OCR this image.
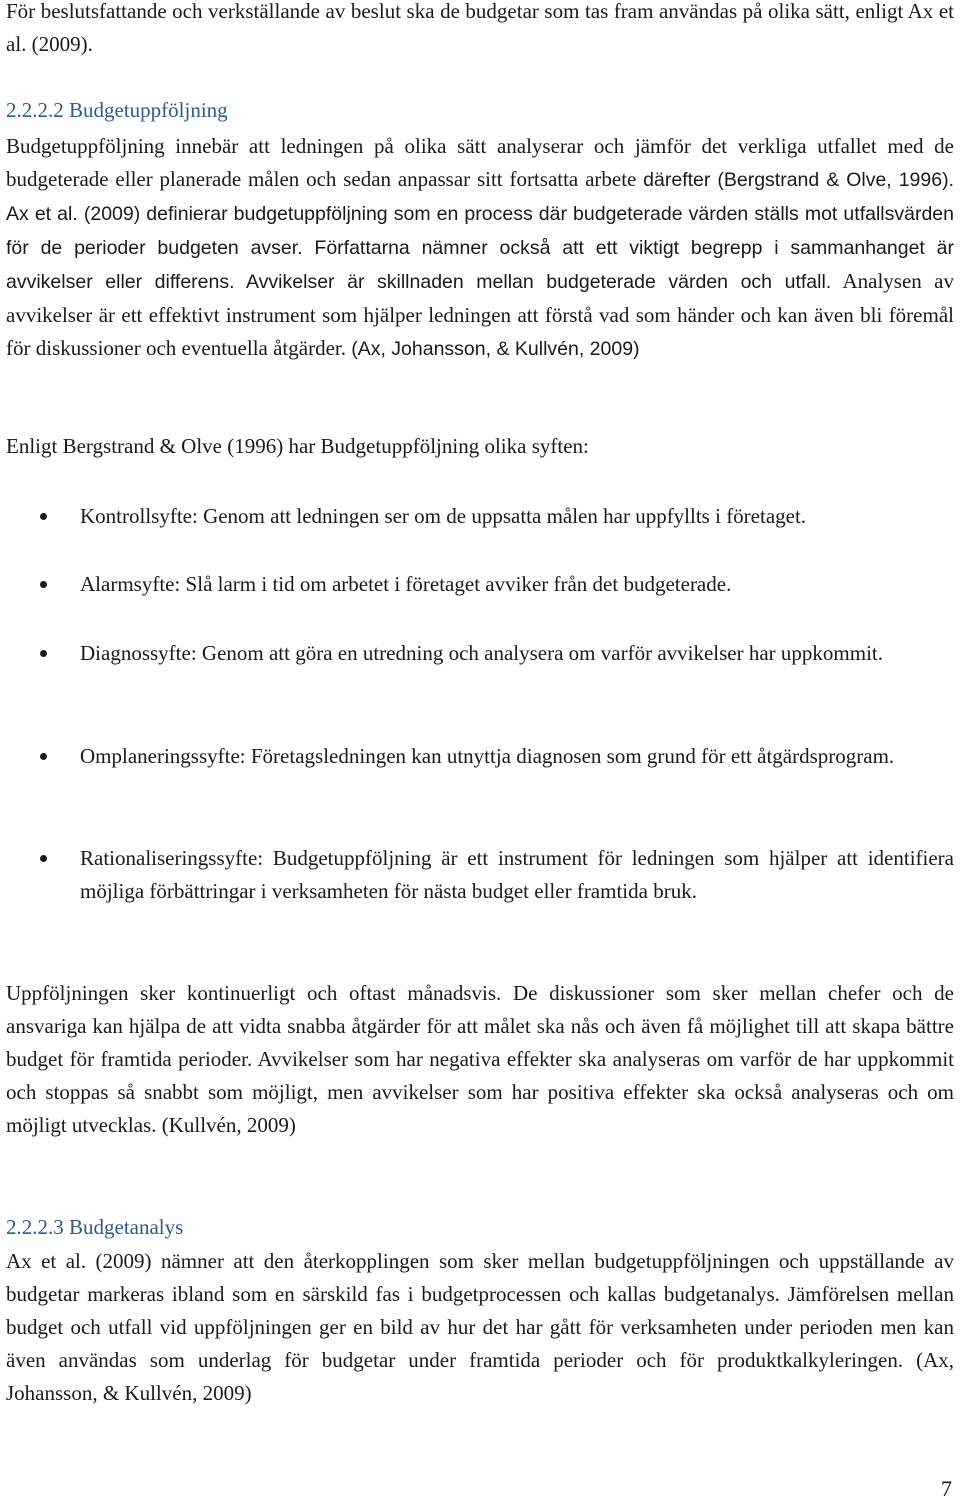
För beslutsfattande och verkställande av beslut ska de budgetar som tas fram användas på olika sätt, enligt Ax et al. (2009).
2.2.2.2 Budgetuppföljning
Budgetuppföljning innebär att ledningen på olika sätt analyserar och jämför det verkliga utfallet med de budgeterade eller planerade målen och sedan anpassar sitt fortsatta arbete därefter (Bergstrand & Olve, 1996). Ax et al. (2009) definierar budgetuppföljning som en process där budgeterade värden ställs mot utfallsvärden för de perioder budgeten avser. Författarna nämner också att ett viktigt begrepp i sammanhanget är avvikelser eller differens. Avvikelser är skillnaden mellan budgeterade värden och utfall. Analysen av avvikelser är ett effektivt instrument som hjälper ledningen att förstå vad som händer och kan även bli föremål för diskussioner och eventuella åtgärder. (Ax, Johansson, & Kullvén, 2009)
Enligt Bergstrand & Olve (1996) har Budgetuppföljning olika syften:
Kontrollsyfte: Genom att ledningen ser om de uppsatta målen har uppfyllts i företaget.
Alarmsyfte: Slå larm i tid om arbetet i företaget avviker från det budgeterade.
Diagnossyfte: Genom att göra en utredning och analysera om varför avvikelser har uppkommit.
Omplaneringssyfte: Företagsledningen kan utnyttja diagnosen som grund för ett åtgärdsprogram.
Rationaliseringssyfte: Budgetuppföljning är ett instrument för ledningen som hjälper att identifiera möjliga förbättringar i verksamheten för nästa budget eller framtida bruk.
Uppföljningen sker kontinuerligt och oftast månadsvis. De diskussioner som sker mellan chefer och de ansvariga kan hjälpa de att vidta snabba åtgärder för att målet ska nås och även få möjlighet till att skapa bättre budget för framtida perioder. Avvikelser som har negativa effekter ska analyseras om varför de har uppkommit och stoppas så snabbt som möjligt, men avvikelser som har positiva effekter ska också analyseras och om möjligt utvecklas. (Kullvén, 2009)
2.2.2.3 Budgetanalys
Ax et al. (2009) nämner att den återkopplingen som sker mellan budgetuppföljningen och uppställande av budgetar markeras ibland som en särskild fas i budgetprocessen och kallas budgetanalys. Jämförelsen mellan budget och utfall vid uppföljningen ger en bild av hur det har gått för verksamheten under perioden men kan även användas som underlag för budgetar under framtida perioder och för produktkalkyleringen. (Ax, Johansson, & Kullvén, 2009)
7
